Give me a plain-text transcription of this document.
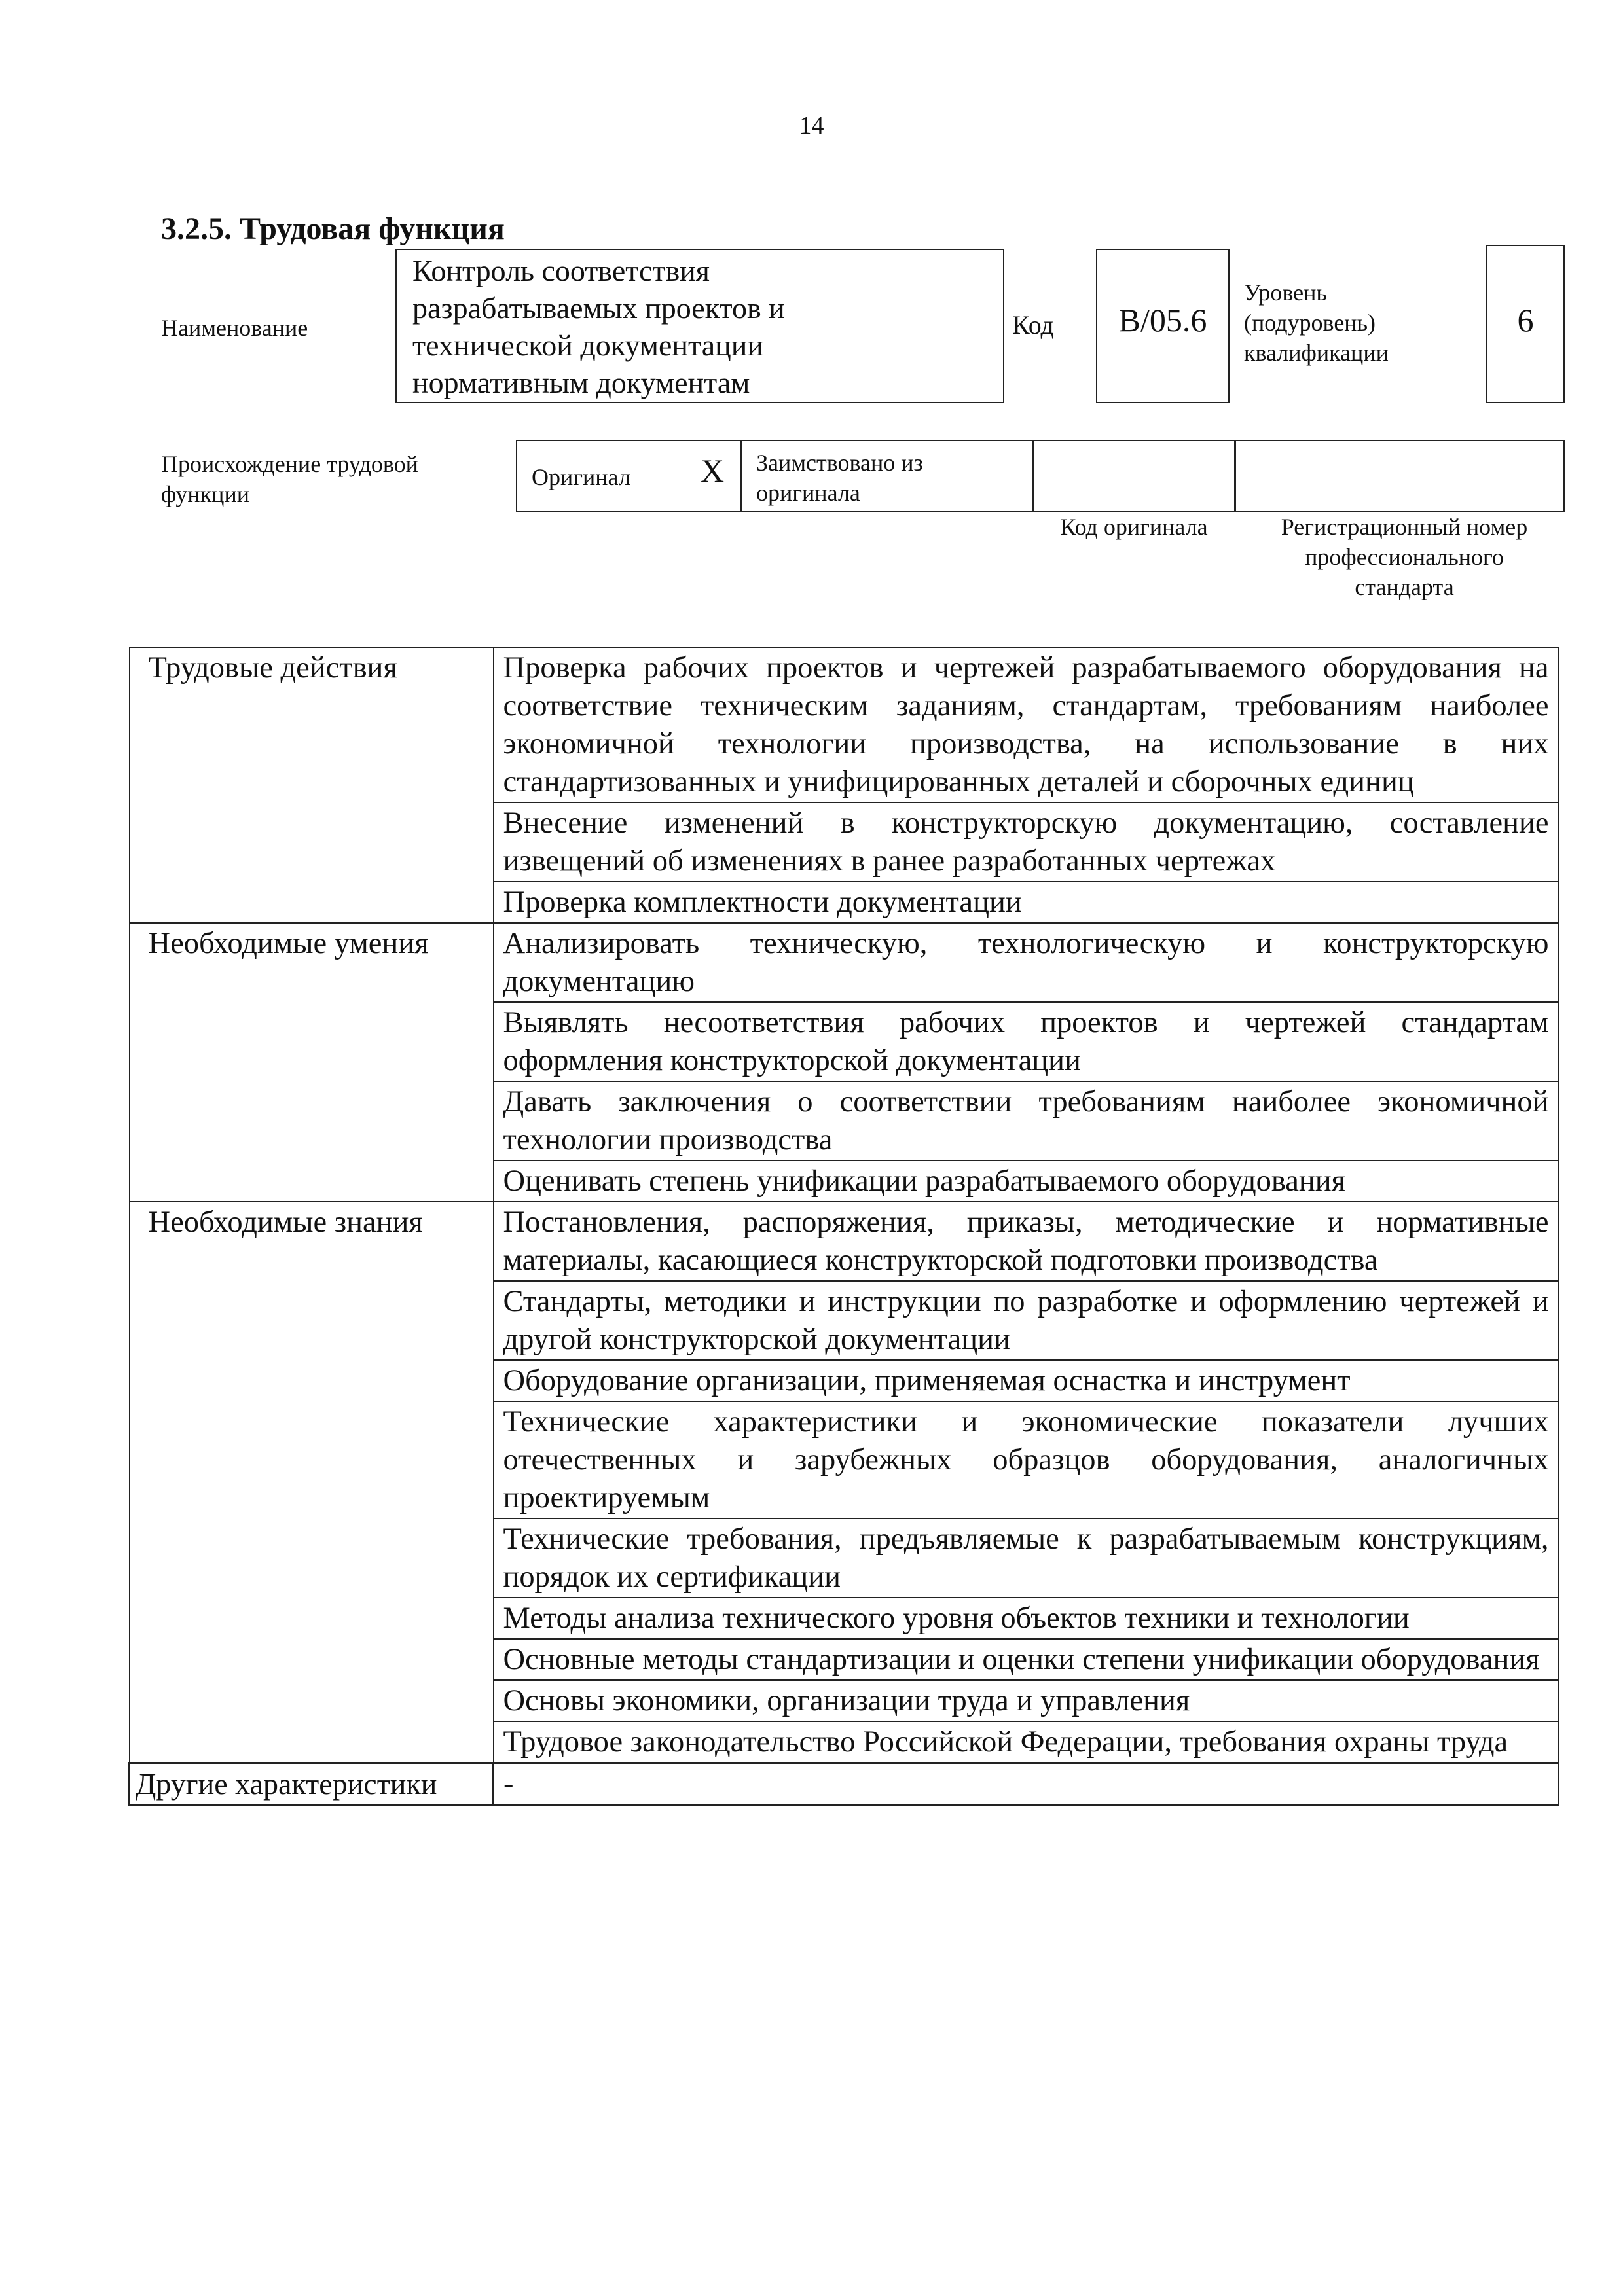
14
3.2.5. Трудовая функция
Наименование
Контроль соответствия
разрабатываемых проектов и
технической документации
нормативным документам
Код	B/05.6
Уровень
(подуровень)
квалификации
6
Происхождение трудовой
функции
Оригинал X Заимствовано из
оригинала
Код оригинала	Регистрационный номер
профессионального
стандарта
Трудовые действия	Проверка рабочих проектов и чертежей разрабатываемого оборудования на соответствие техническим заданиям, стандартам, требованиям наиболее экономичной технологии производства, на использование в них стандартизованных и унифицированных деталей и сборочных единиц
	Внесение изменений в конструкторскую документацию, составление извещений об изменениях в ранее разработанных чертежах
	Проверка комплектности документации
Необходимые умения	Анализировать техническую, технологическую и конструкторскую документацию
	Выявлять несоответствия рабочих проектов и чертежей стандартам оформления конструкторской документации
	Давать заключения о соответствии требованиям наиболее экономичной технологии производства
	Оценивать степень унификации разрабатываемого оборудования
Необходимые знания	Постановления, распоряжения, приказы, методические и нормативные материалы, касающиеся конструкторской подготовки производства
	Стандарты, методики и инструкции по разработке и оформлению чертежей и другой конструкторской документации
	Оборудование организации, применяемая оснастка и инструмент
	Технические характеристики и экономические показатели лучших отечественных и зарубежных образцов оборудования, аналогичных проектируемым
	Технические требования, предъявляемые к разрабатываемым конструкциям, порядок их сертификации
	Методы анализа технического уровня объектов техники и технологии
	Основные методы стандартизации и оценки степени унификации оборудования
	Основы экономики, организации труда и управления
	Трудовое законодательство Российской Федерации, требования охраны труда
Другие характеристики	-
